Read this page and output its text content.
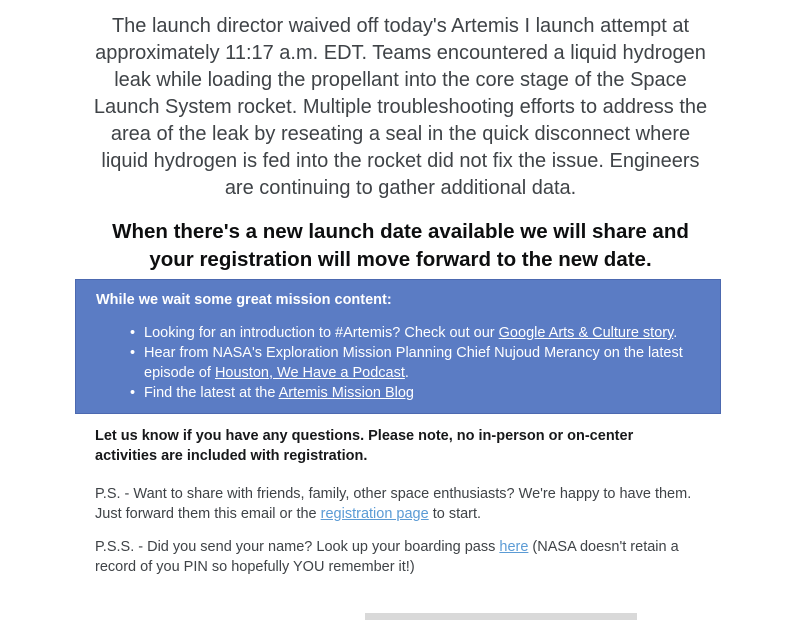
The launch director waived off today's Artemis I launch attempt at approximately 11:17 a.m. EDT. Teams encountered a liquid hydrogen leak while loading the propellant into the core stage of the Space Launch System rocket. Multiple troubleshooting efforts to address the area of the leak by reseating a seal in the quick disconnect where liquid hydrogen is fed into the rocket did not fix the issue. Engineers are continuing to gather additional data.

When there's a new launch date available we will share and your registration will move forward to the new date.

While we wait some great mission content:
• Looking for an introduction to #Artemis? Check out our Google Arts & Culture story.
• Hear from NASA's Exploration Mission Planning Chief Nujoud Merancy on the latest episode of Houston, We Have a Podcast.
• Find the latest at the Artemis Mission Blog

Let us know if you have any questions. Please note, no in-person or on-center activities are included with registration.

P.S. - Want to share with friends, family, other space enthusiasts? We're happy to have them. Just forward them this email or the registration page to start.

P.S.S. - Did you send your name? Look up your boarding pass here (NASA doesn't retain a record of you PIN so hopefully YOU remember it!)
